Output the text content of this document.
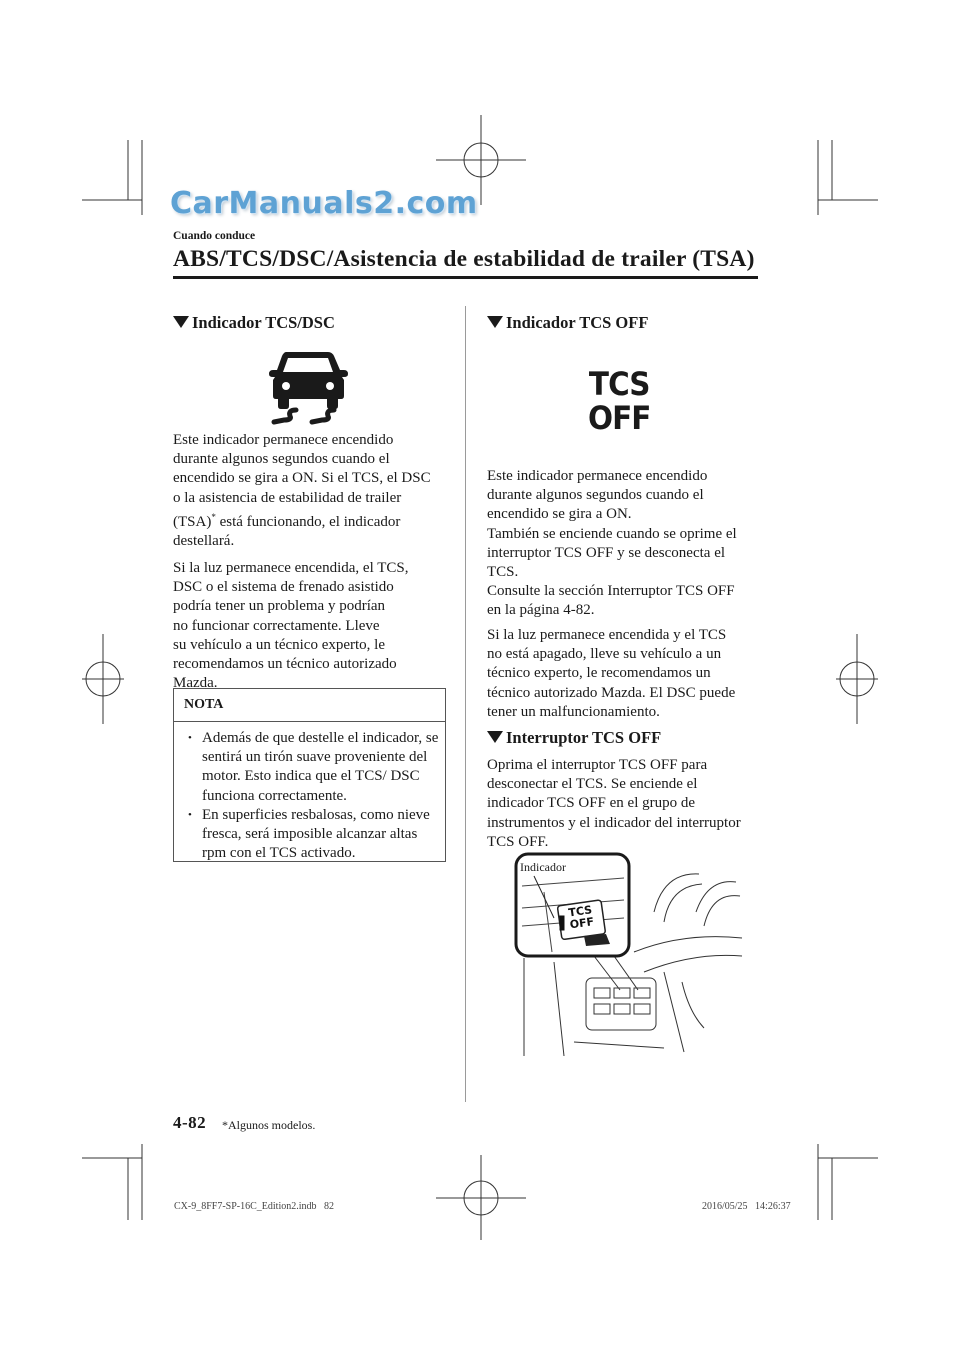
CarManuals2.com
Cuando conduce
ABS/TCS/DSC/Asistencia de estabilidad de trailer (TSA)
Indicador TCS/DSC
Este indicador permanece encendido
durante algunos segundos cuando el
encendido se gira a ON. Si el TCS, el DSC
o la asistencia de estabilidad de trailer
(TSA)* está funcionando, el indicador
destellará.
Si la luz permanece encendida, el TCS,
DSC o el sistema de frenado asistido
podría tener un problema y podrían
no funcionar correctamente. Lleve
su vehículo a un técnico experto, le
recomendamos un técnico autorizado
Mazda.
NOTA
• Además de que destelle el indicador, se sentirá un tirón suave proveniente del motor. Esto indica que el TCS/ DSC funciona correctamente.
• En superficies resbalosas, como nieve fresca, será imposible alcanzar altas rpm con el TCS activado.
Indicador TCS OFF
TCS
OFF
Este indicador permanece encendido
durante algunos segundos cuando el
encendido se gira a ON.
También se enciende cuando se oprime el
interruptor TCS OFF y se desconecta el
TCS.
Consulte la sección Interruptor TCS OFF
en la página 4-82.
Si la luz permanece encendida y el TCS
no está apagado, lleve su vehículo a un
técnico experto, le recomendamos un
técnico autorizado Mazda. El DSC puede
tener un malfuncionamiento.
Interruptor TCS OFF
Oprima el interruptor TCS OFF para
desconectar el TCS. Se enciende el
indicador TCS OFF en el grupo de
instrumentos y el indicador del interruptor
TCS OFF.
TCS
OFF
Indicador
4-82 *Algunos modelos.
CX-9_8FF7-SP-16C_Edition2.indb   82	2016/05/25   14:26:37
